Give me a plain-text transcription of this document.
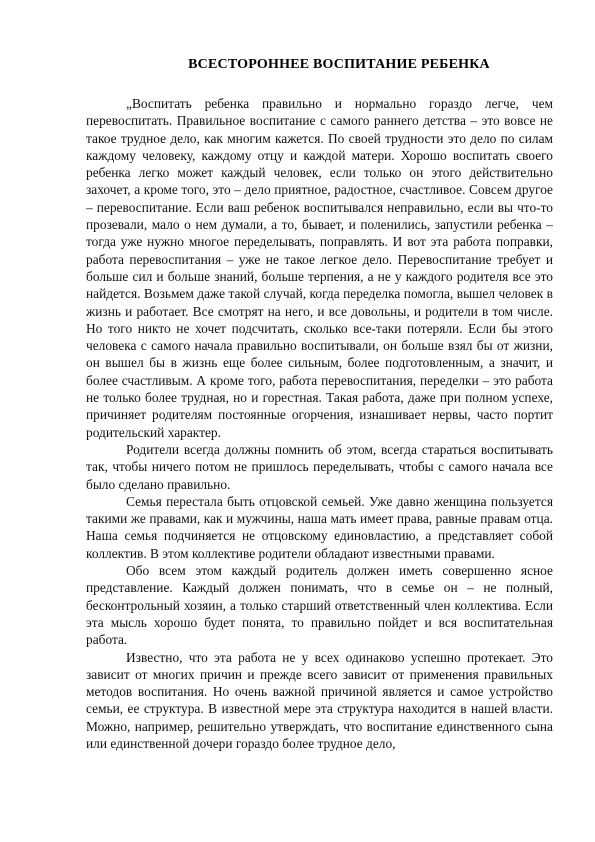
ВСЕСТОРОННЕЕ ВОСПИТАНИЕ РЕБЕНКА

„Воспитать ребенка правильно и нормально гораздо легче, чем перевоспитать. Правильное воспитание с самого раннего детства – это вовсе не такое трудное дело, как многим кажется. По своей трудности это дело по силам каждому человеку, каждому отцу и каждой матери. Хорошо воспитать своего ребенка легко может каждый человек, если только он этого действительно захочет, а кроме того, это – дело приятное, радостное, счастливое. Совсем другое – перевоспитание. Если ваш ребенок воспитывался неправильно, если вы что-то прозевали, мало о нем думали, а то, бывает, и поленились, запустили ребенка – тогда уже нужно многое переделывать, поправлять. И вот эта работа поправки, работа перевоспитания – уже не такое легкое дело. Перевоспитание требует и больше сил и больше знаний, больше терпения, а не у каждого родителя все это найдется. Возьмем даже такой случай, когда переделка помогла, вышел человек в жизнь и работает. Все смотрят на него, и все довольны, и родители в том числе. Но того никто не хочет подсчитать, сколько все-таки потеряли. Если бы этого человека с самого начала правильно воспитывали, он больше взял бы от жизни, он вышел бы в жизнь еще более сильным, более подготовленным, а значит, и более счастливым. А кроме того, работа перевоспитания, переделки – это работа не только более трудная, но и горестная. Такая работа, даже при полном успехе, причиняет родителям постоянные огорчения, изнашивает нервы, часто портит родительский характер.

Родители всегда должны помнить об этом, всегда стараться воспитывать так, чтобы ничего потом не пришлось переделывать, чтобы с самого начала все было сделано правильно.

Семья перестала быть отцовской семьей. Уже давно женщина пользуется такими же правами, как и мужчины, наша мать имеет права, равные правам отца. Наша семья подчиняется не отцовскому единовластию, а представляет собой коллектив. В этом коллективе родители обладают известными правами.

Обо всем этом каждый родитель должен иметь совершенно ясное представление. Каждый должен понимать, что в семье он – не полный, бесконтрольный хозяин, а только старший ответственный член коллектива. Если эта мысль хорошо будет понята, то правильно пойдет и вся воспитательная работа.

Известно, что эта работа не у всех одинаково успешно протекает. Это зависит от многих причин и прежде всего зависит от применения правильных методов воспитания. Но очень важной причиной является и самое устройство семьи, ее структура. В известной мере эта структура находится в нашей власти. Можно, например, решительно утверждать, что воспитание единственного сына или единственной дочери гораздо более трудное дело,
